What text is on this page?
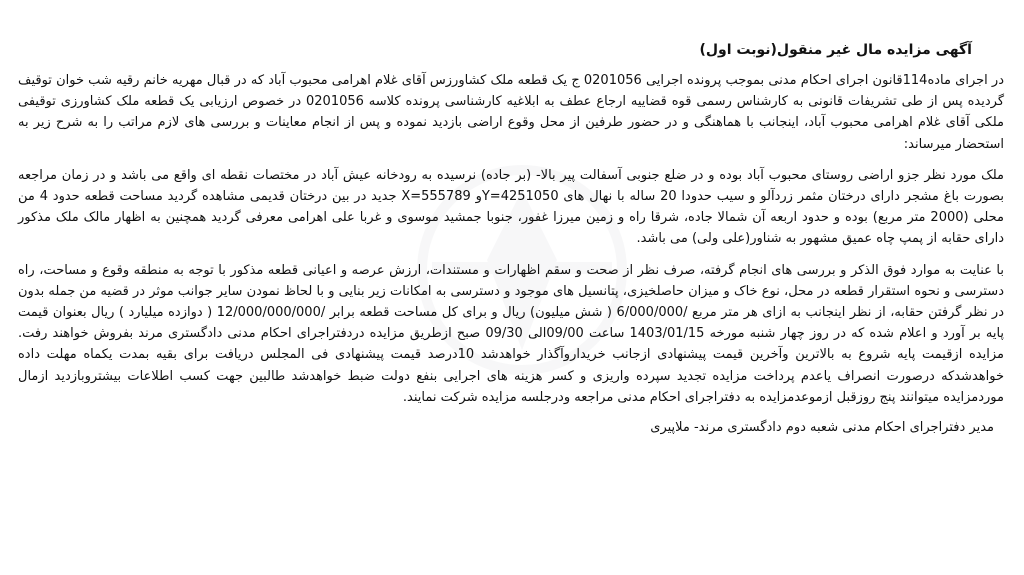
آگهی مزایده مال غیر منقول(نوبت اول)

در اجرای ماده114قانون اجرای احکام مدنی بموجب پرونده اجرایی 0201056 ج یک قطعه ملک کشاورزس آقای غلام اهرامی محبوب آباد که در قبال مهریه خانم رقیه شب خوان توقیف گردیده پس از طی تشریفات قانونی به کارشناس رسمی قوه قضاییه ارجاع عطف به ابلاغیه کارشناسی پرونده کلاسه 0201056 در خصوص ارزیابی یک قطعه ملک کشاورزی توقیفی ملکی آقای غلام اهرامی محبوب آباد، اینجانب با هماهنگی و در حضور طرفین از محل وقوع اراضی بازدید نموده و پس از انجام معاینات و بررسی های لازم مراتب را به شرح زیر به استحضار میرساند:

ملک مورد نظر جزو اراضی روستای محبوب آباد بوده و در ضلع جنوبی آسفالت پیر بالا- (بر جاده) نرسیده به رودخانه عیش آباد در مختصات نقطه ای واقع می باشد و در زمان مراجعه بصورت باغ مشجر دارای درختان مثمر زردآلو و سیب حدودا 20 ساله با نهال های Y=4251050و X=555789 جدید در بین درختان قدیمی مشاهده گردید مساحت قطعه حدود 4 من محلی (2000 متر مربع) بوده و حدود اربعه آن شمالا جاده، شرقا راه و زمین میرزا غفور، جنوبا جمشید موسوی و غربا علی اهرامی معرفی گردید همچنین به اظهار مالک ملک مذکور دارای حقابه از پمپ چاه عمیق مشهور به شناور(علی ولی) می باشد.

با عنایت به موارد فوق الذکر و بررسی های انجام گرفته، صرف نظر از صحت و سقم اظهارات و مستندات، ارزش عرصه و اعیانی قطعه مذکور با توجه به منطقه وقوع و مساحت، راه دسترسی و نحوه استقرار قطعه در محل، نوع خاک و میزان حاصلخیزی، پتانسیل های موجود و دسترسی به امکانات زیر بنایی و با لحاظ نمودن سایر جوانب موثر در قضیه من جمله بدون در نظر گرفتن حقابه، از نظر اینجانب به ازای هر متر مربع /6/000/000 ( شش میلیون) ریال و برای کل مساحت قطعه برابر /12/000/000/000 ( دوازده میلیارد ) ریال بعنوان قیمت پایه بر آورد و اعلام شده که در روز چهار شنبه مورخه 1403/01/15 ساعت 09/00الی 09/30 صبح ازطریق مزایده دردفتراجرای احکام مدنی دادگستری مرند بفروش خواهند رفت. مزایده ازقیمت پایه شروع به بالاترین وآخرین قیمت پیشنهادی ازجانب خریداروآگذار خواهدشد 10درصد قیمت پیشنهادی فی المجلس دریافت برای بقیه بمدت یکماه مهلت داده خواهدشدکه درصورت انصراف یاعدم پرداخت مزایده تجدید سپرده واریزی و کسر هزینه های اجرایی بنفع دولت ضبط خواهدشد طالبین جهت کسب اطلاعات بیشتروبازدید ازمال موردمزایده میتوانند پنج روزقبل ازموعدمزایده به دفتراجرای احکام مدنی مراجعه ودرجلسه مزایده شرکت نمایند.

مدیر دفتراجرای احکام مدنی شعبه دوم دادگستری مرند- ملاپیری
